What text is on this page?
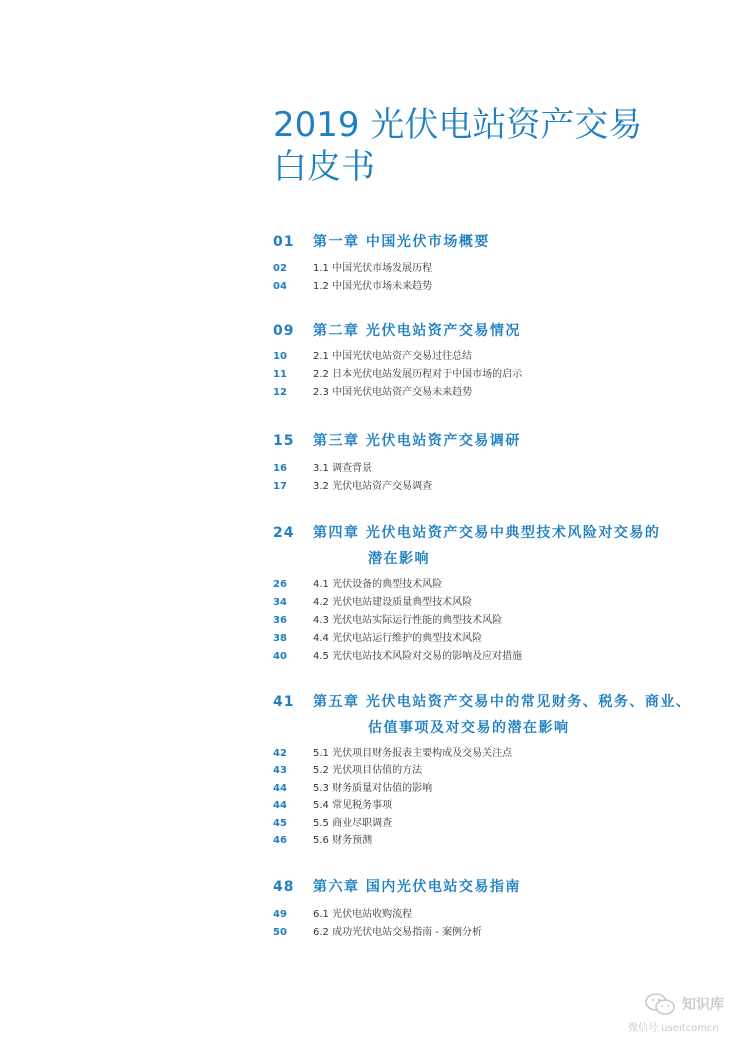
2019 光伏电站资产交易
白皮书
01 第一章 中国光伏市场概要
02	1.1 中国光伏市场发展历程
04	1.2 中国光伏市场未来趋势
09 第二章 光伏电站资产交易情况
10	2.1 中国光伏电站资产交易过往总结
11	2.2 日本光伏电站发展历程对于中国市场的启示
12	2.3 中国光伏电站资产交易未来趋势
15 第三章 光伏电站资产交易调研
16	3.1 调查背景
17	3.2 光伏电站资产交易调查
24 第四章 光伏电站资产交易中典型技术风险对交易的
潜在影响
26	4.1 光伏设备的典型技术风险
34	4.2 光伏电站建设质量典型技术风险
36	4.3 光伏电站实际运行性能的典型技术风险
38	4.4 光伏电站运行维护的典型技术风险
40	4.5 光伏电站技术风险对交易的影响及应对措施
41 第五章 光伏电站资产交易中的常见财务、税务、商业、
估值事项及对交易的潜在影响
42	5.1 光伏项目财务报表主要构成及交易关注点
43	5.2 光伏项目估值的方法
44	5.3 财务质量对估值的影响
44	5.4 常见税务事项
45	5.5 商业尽职调查
46	5.6 财务预测
48 第六章 国内光伏电站交易指南
49	6.1 光伏电站收购流程
50	6.2 成功光伏电站交易指南 - 案例分析
知识库
微信号 useitcomcn
